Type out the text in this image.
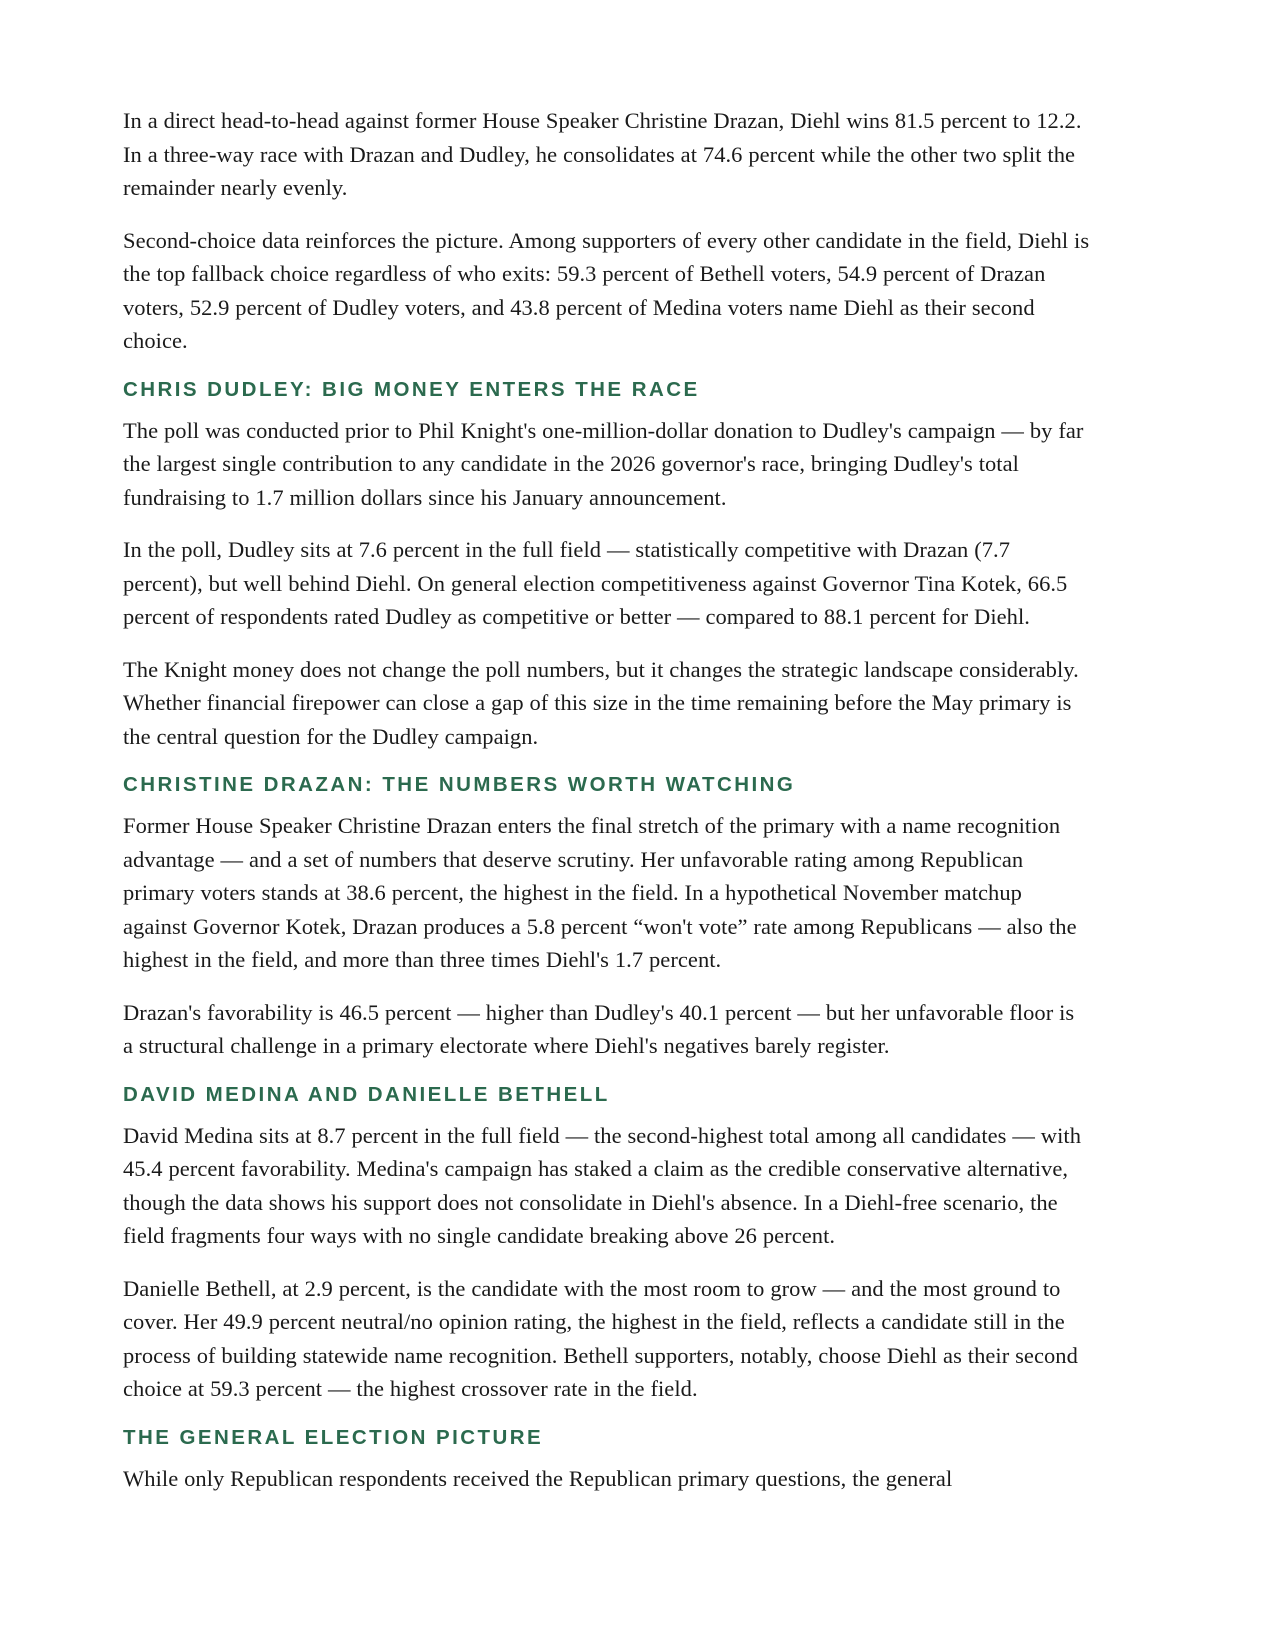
In a direct head-to-head against former House Speaker Christine Drazan, Diehl wins 81.5 percent to 12.2. In a three-way race with Drazan and Dudley, he consolidates at 74.6 percent while the other two split the remainder nearly evenly.

Second-choice data reinforces the picture. Among supporters of every other candidate in the field, Diehl is the top fallback choice regardless of who exits: 59.3 percent of Bethell voters, 54.9 percent of Drazan voters, 52.9 percent of Dudley voters, and 43.8 percent of Medina voters name Diehl as their second choice.

CHRIS DUDLEY: BIG MONEY ENTERS THE RACE

The poll was conducted prior to Phil Knight's one-million-dollar donation to Dudley's campaign — by far the largest single contribution to any candidate in the 2026 governor's race, bringing Dudley's total fundraising to 1.7 million dollars since his January announcement.

In the poll, Dudley sits at 7.6 percent in the full field — statistically competitive with Drazan (7.7 percent), but well behind Diehl. On general election competitiveness against Governor Tina Kotek, 66.5 percent of respondents rated Dudley as competitive or better — compared to 88.1 percent for Diehl.

The Knight money does not change the poll numbers, but it changes the strategic landscape considerably. Whether financial firepower can close a gap of this size in the time remaining before the May primary is the central question for the Dudley campaign.

CHRISTINE DRAZAN: THE NUMBERS WORTH WATCHING

Former House Speaker Christine Drazan enters the final stretch of the primary with a name recognition advantage — and a set of numbers that deserve scrutiny. Her unfavorable rating among Republican primary voters stands at 38.6 percent, the highest in the field. In a hypothetical November matchup against Governor Kotek, Drazan produces a 5.8 percent “won't vote” rate among Republicans — also the highest in the field, and more than three times Diehl's 1.7 percent.

Drazan's favorability is 46.5 percent — higher than Dudley's 40.1 percent — but her unfavorable floor is a structural challenge in a primary electorate where Diehl's negatives barely register.

DAVID MEDINA AND DANIELLE BETHELL

David Medina sits at 8.7 percent in the full field — the second-highest total among all candidates — with 45.4 percent favorability. Medina's campaign has staked a claim as the credible conservative alternative, though the data shows his support does not consolidate in Diehl's absence. In a Diehl-free scenario, the field fragments four ways with no single candidate breaking above 26 percent.

Danielle Bethell, at 2.9 percent, is the candidate with the most room to grow — and the most ground to cover. Her 49.9 percent neutral/no opinion rating, the highest in the field, reflects a candidate still in the process of building statewide name recognition. Bethell supporters, notably, choose Diehl as their second choice at 59.3 percent — the highest crossover rate in the field.

THE GENERAL ELECTION PICTURE

While only Republican respondents received the Republican primary questions, the general
